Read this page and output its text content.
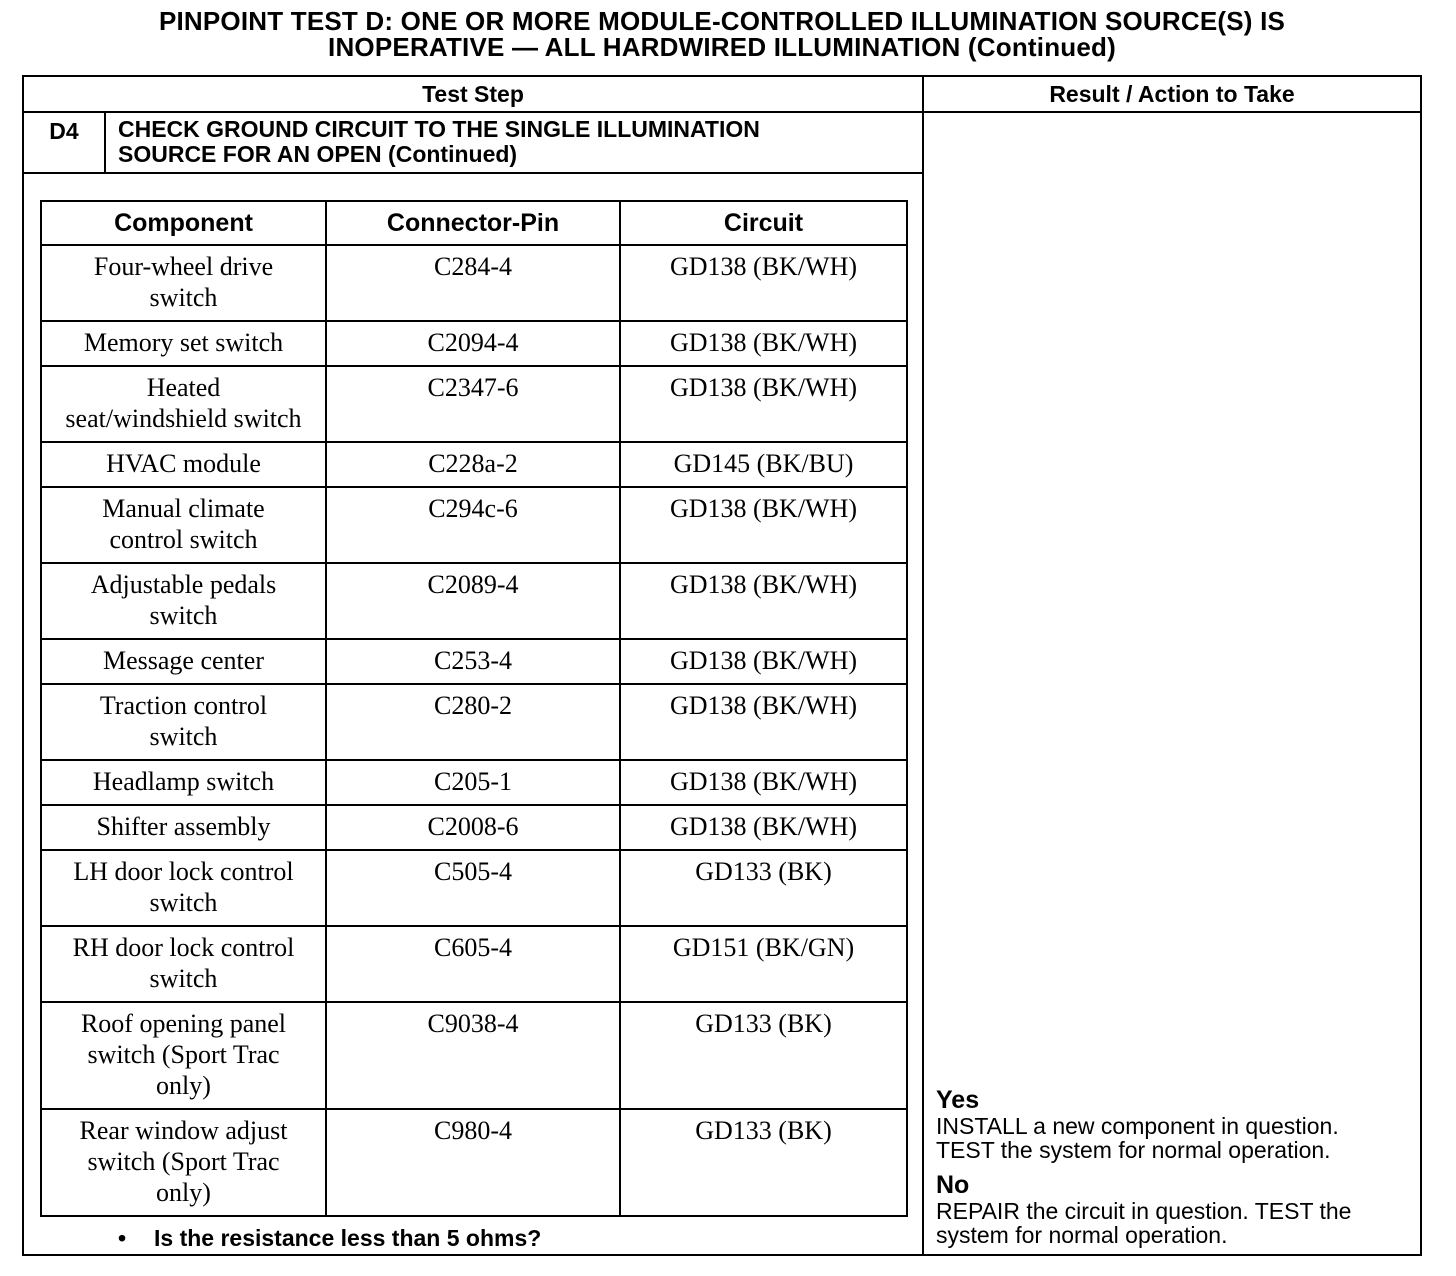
PINPOINT TEST D: ONE OR MORE MODULE-CONTROLLED ILLUMINATION SOURCE(S) IS
INOPERATIVE — ALL HARDWIRED ILLUMINATION (Continued)
Test Step	Result / Action to Take
D4	CHECK GROUND CIRCUIT TO THE SINGLE ILLUMINATION
SOURCE FOR AN OPEN (Continued)
Component	Connector-Pin	Circuit

Four-wheel drive
switch	C284-4	GD138 (BK/WH)

Memory set switch	C2094-4	GD138 (BK/WH)

Heated
seat/windshield switch	C2347-6	GD138 (BK/WH)

HVAC module	C228a-2	GD145 (BK/BU)

Manual climate
control switch	C294c-6	GD138 (BK/WH)

Adjustable pedals
switch	C2089-4	GD138 (BK/WH)

Message center	C253-4	GD138 (BK/WH)

Traction control
switch	C280-2	GD138 (BK/WH)

Headlamp switch	C205-1	GD138 (BK/WH)

Shifter assembly	C2008-6	GD138 (BK/WH)

LH door lock control
switch	C505-4	GD133 (BK)

RH door lock control
switch	C605-4	GD151 (BK/GN)

Roof opening panel
switch (Sport Trac
only)	C9038-4	GD133 (BK)

Rear window adjust
switch (Sport Trac
only)	C980-4	GD133 (BK)
• Is the resistance less than 5 ohms?
Yes
INSTALL a new component in question.
TEST the system for normal operation.
No
REPAIR the circuit in question. TEST the
system for normal operation.
